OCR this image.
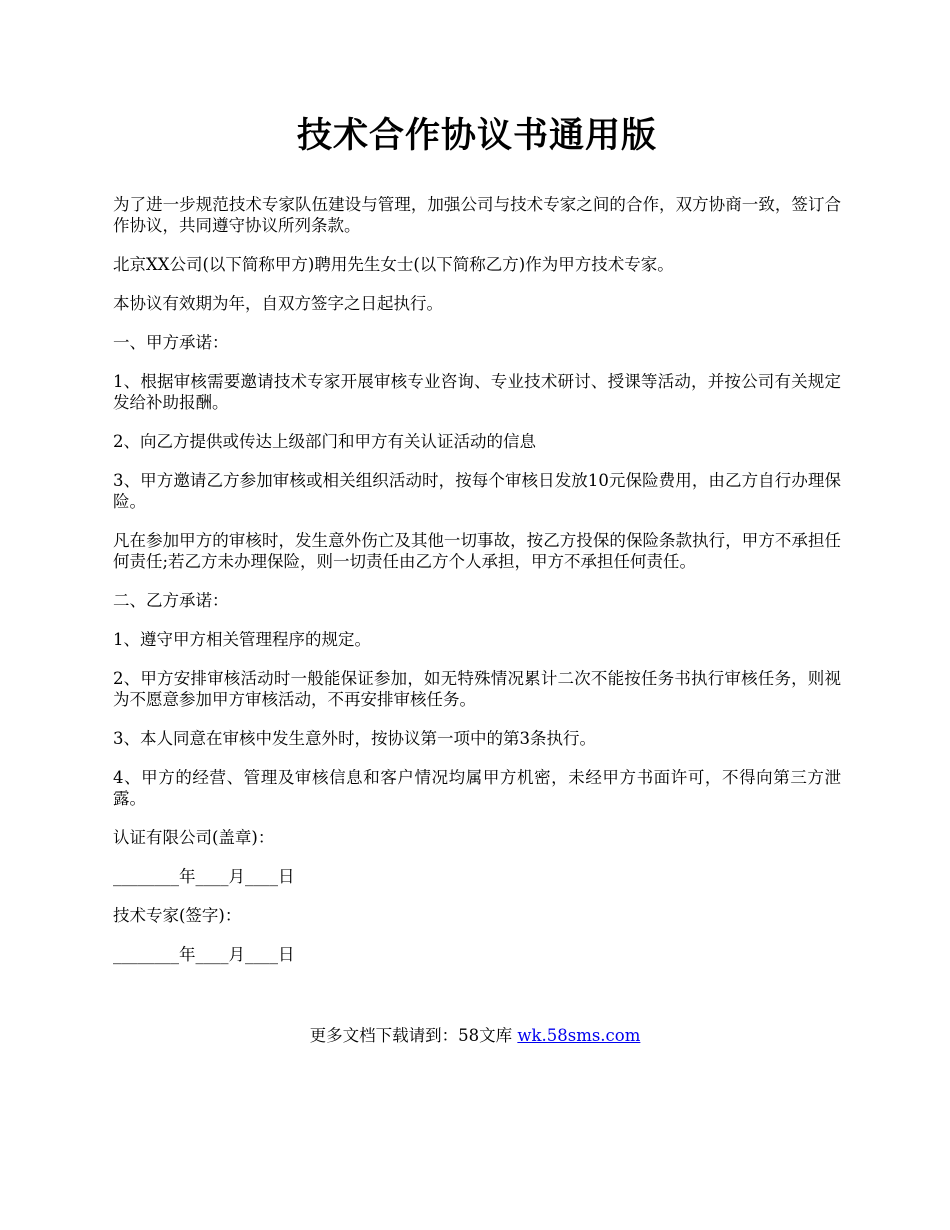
技术合作协议书通用版

为了进一步规范技术专家队伍建设与管理，加强公司与技术专家之间的合作，双方协商一致，签订合作协议，共同遵守协议所列条款。

北京XX公司(以下简称甲方)聘用先生女士(以下简称乙方)作为甲方技术专家。

本协议有效期为年，自双方签字之日起执行。

一、甲方承诺：

1、根据审核需要邀请技术专家开展审核专业咨询、专业技术研讨、授课等活动，并按公司有关规定发给补助报酬。

2、向乙方提供或传达上级部门和甲方有关认证活动的信息

3、甲方邀请乙方参加审核或相关组织活动时，按每个审核日发放10元保险费用，由乙方自行办理保险。

凡在参加甲方的审核时，发生意外伤亡及其他一切事故，按乙方投保的保险条款执行，甲方不承担任何责任;若乙方未办理保险，则一切责任由乙方个人承担，甲方不承担任何责任。

二、乙方承诺：

1、遵守甲方相关管理程序的规定。

2、甲方安排审核活动时一般能保证参加，如无特殊情况累计二次不能按任务书执行审核任务，则视为不愿意参加甲方审核活动，不再安排审核任务。

3、本人同意在审核中发生意外时，按协议第一项中的第3条执行。

4、甲方的经营、管理及审核信息和客户情况均属甲方机密，未经甲方书面许可，不得向第三方泄露。

认证有限公司(盖章)：

________年____月____日

技术专家(签字)：

________年____月____日

更多文档下载请到：58文库 wk.58sms.com
